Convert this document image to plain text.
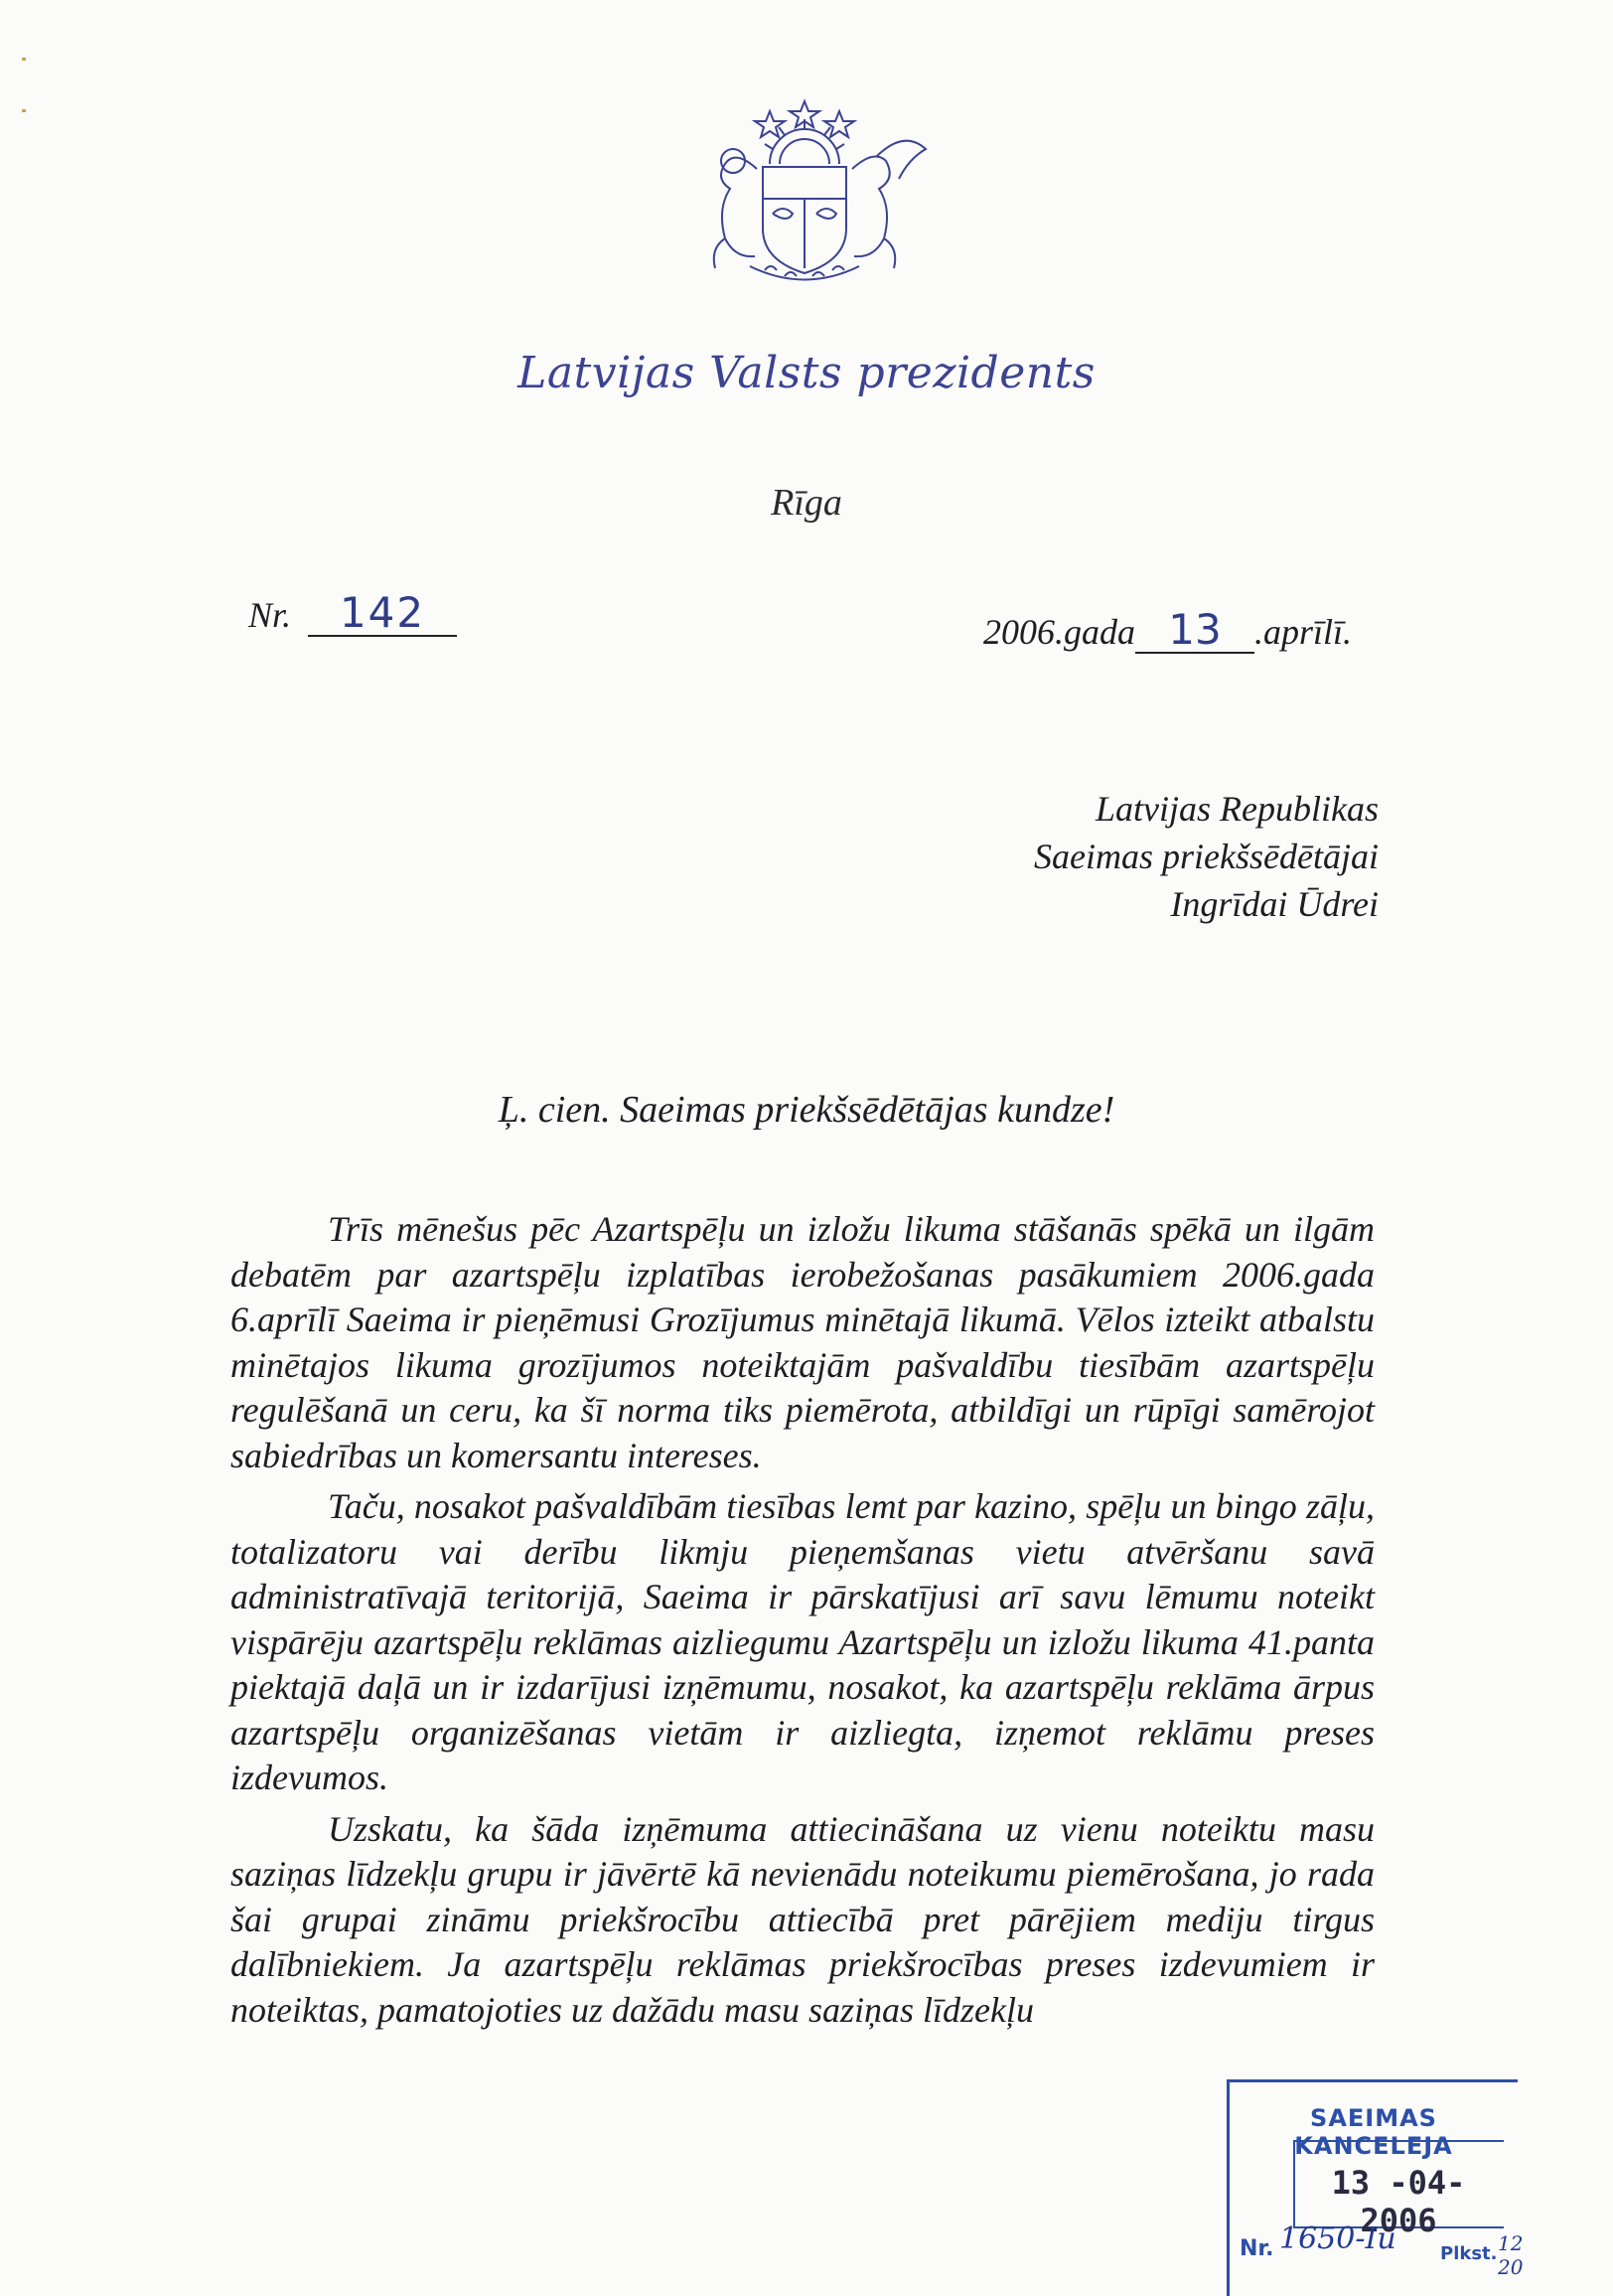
Latvijas Valsts prezidents
Rīga
Nr. 142	2006.gada 13 .aprīlī.
Latvijas Republikas
Saeimas priekšsēdētājai
Ingrīdai Ūdrei
Ļ. cien. Saeimas priekšsēdētājas kundze!

Trīs mēnešus pēc Azartspēļu un izložu likuma stāšanās spēkā un ilgām debatēm par azartspēļu izplatības ierobežošanas pasākumiem 2006.gada 6.aprīlī Saeima ir pieņēmusi Grozījumus minētajā likumā. Vēlos izteikt atbalstu minētajos likuma grozījumos noteiktajām pašvaldību tiesībām azartspēļu regulēšanā un ceru, ka šī norma tiks piemērota, atbildīgi un rūpīgi samērojot sabiedrības un komersantu intereses.

Taču, nosakot pašvaldībām tiesības lemt par kazino, spēļu un bingo zāļu, totalizatoru vai derību likmju pieņemšanas vietu atvēršanu savā administratīvajā teritorijā, Saeima ir pārskatījusi arī savu lēmumu noteikt vispārēju azartspēļu reklāmas aizliegumu Azartspēļu un izložu likuma 41.panta piektajā daļā un ir izdarījusi izņēmumu, nosakot, ka azartspēļu reklāma ārpus azartspēļu organizēšanas vietām ir aizliegta, izņemot reklāmu preses izdevumos.

Uzskatu, ka šāda izņēmuma attiecināšana uz vienu noteiktu masu saziņas līdzekļu grupu ir jāvērtē kā nevienādu noteikumu piemērošana, jo rada šai grupai zināmu priekšrocību attiecībā pret pārējiem mediju tirgus dalībniekiem. Ja azartspēļu reklāmas priekšrocības preses izdevumiem ir noteiktas, pamatojoties uz dažādu masu saziņas līdzekļu

SAEIMAS KANCELEJA
13 -04- 2006
Nr. 1650-Iu Plkst. 12 20
